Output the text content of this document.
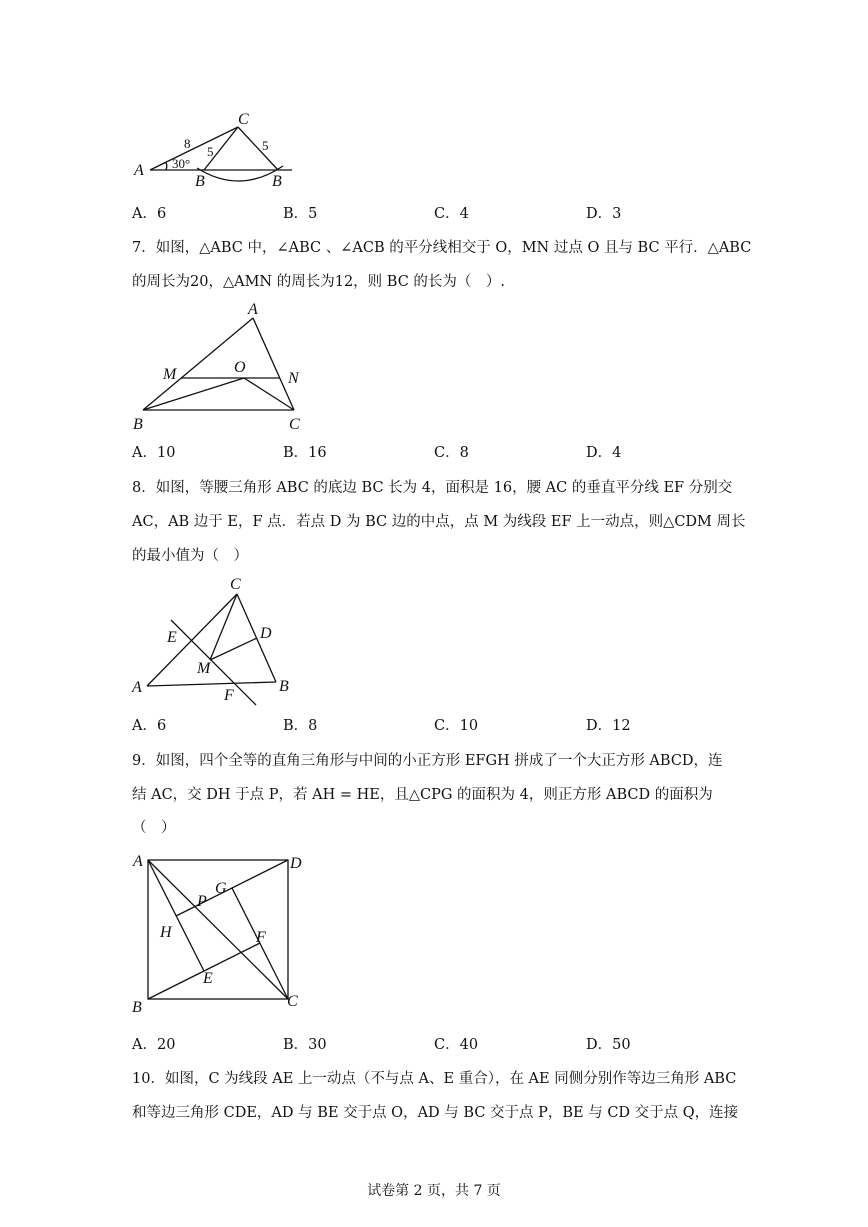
A
C
B	B
8
5	5
30°
A．6	B．5	C．4	D．3
7．如图，△ABC 中，∠ABC 、∠ACB 的平分线相交于 O，MN 过点 O 且与 BC 平行．△ABC
的周长为20，△AMN 的周长为12，则 BC 的长为（　）.
A
M	O
N
B	C
A．10	B．16	C．8	D．4
8．如图，等腰三角形 ABC 的底边 BC 长为 4，面积是 16，腰 AC 的垂直平分线 EF 分别交
AC，AB 边于 E，F 点．若点 D 为 BC 边的中点，点 M 为线段 EF 上一动点，则△CDM 周长
的最小值为（　）
C
E	D
M
A	B
F
A．6	B．8	C．10	D．12
9．如图，四个全等的直角三角形与中间的小正方形 EFGH 拼成了一个大正方形 ABCD，连
结 AC，交 DH 于点 P，若 AH = HE，且△CPG 的面积为 4，则正方形 ABCD 的面积为
（　）
A	D
G
P
H	F
E
B	C
A．20	B．30	C．40	D．50
10．如图，C 为线段 AE 上一动点（不与点 A、E 重合），在 AE 同侧分别作等边三角形 ABC
和等边三角形 CDE，AD 与 BE 交于点 O，AD 与 BC 交于点 P，BE 与 CD 交于点 Q，连接
试卷第 2 页，共 7 页
